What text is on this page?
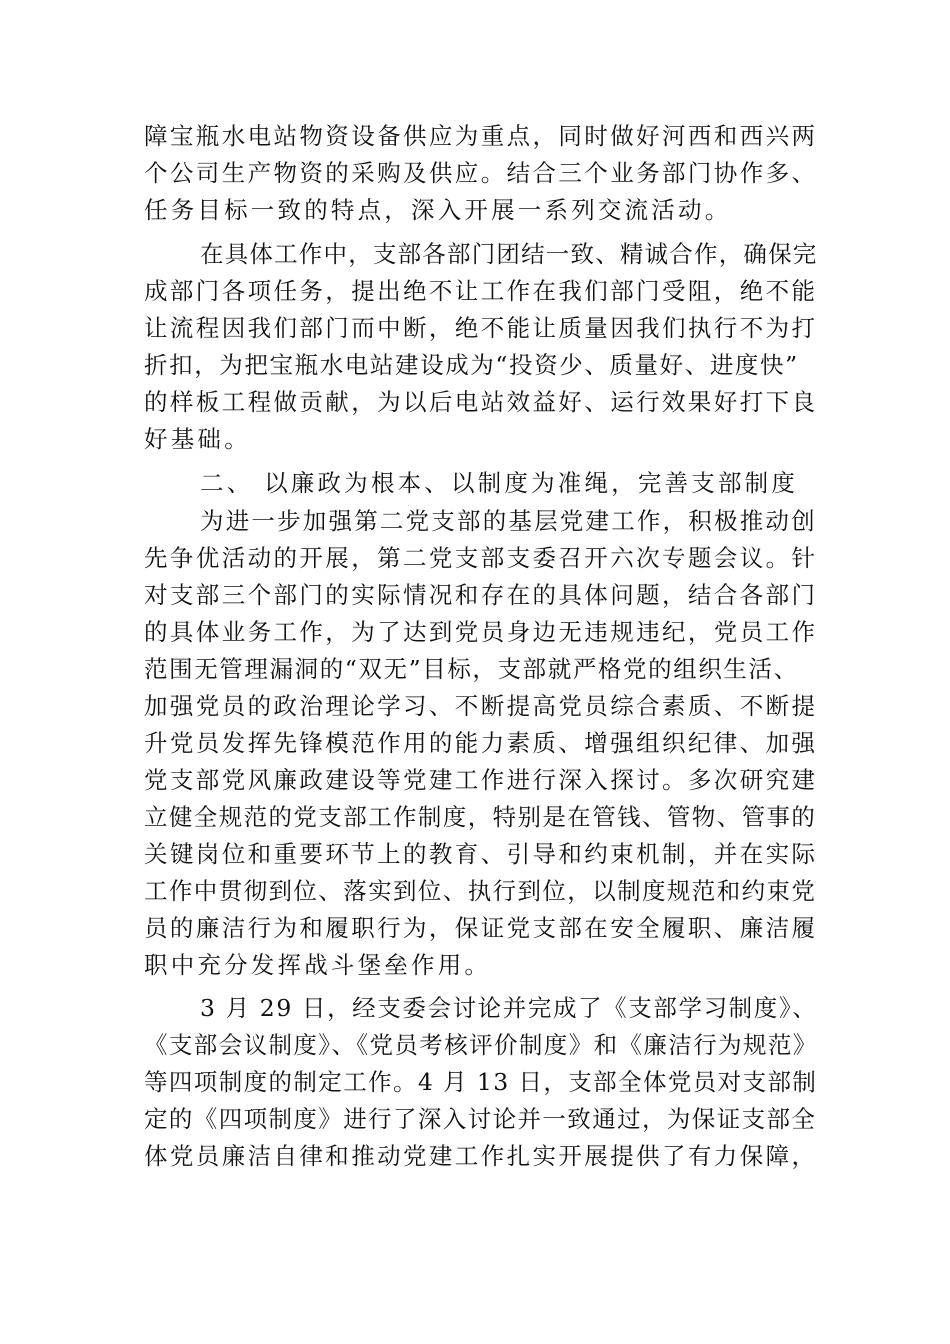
障宝瓶水电站物资设备供应为重点，同时做好河西和西兴两
个公司生产物资的采购及供应。结合三个业务部门协作多、
任务目标一致的特点，深入开展一系列交流活动。
在具体工作中，支部各部门团结一致、精诚合作，确保完
成部门各项任务，提出绝不让工作在我们部门受阻，绝不能
让流程因我们部门而中断，绝不能让质量因我们执行不为打
折扣，为把宝瓶水电站建设成为“投资少、质量好、进度快”
的样板工程做贡献，为以后电站效益好、运行效果好打下良
好基础。
二、 以廉政为根本、以制度为准绳，完善支部制度
为进一步加强第二党支部的基层党建工作，积极推动创
先争优活动的开展，第二党支部支委召开六次专题会议。针
对支部三个部门的实际情况和存在的具体问题，结合各部门
的具体业务工作，为了达到党员身边无违规违纪，党员工作
范围无管理漏洞的“双无”目标，支部就严格党的组织生活、
加强党员的政治理论学习、不断提高党员综合素质、不断提
升党员发挥先锋模范作用的能力素质、增强组织纪律、加强
党支部党风廉政建设等党建工作进行深入探讨。多次研究建
立健全规范的党支部工作制度，特别是在管钱、管物、管事的
关键岗位和重要环节上的教育、引导和约束机制，并在实际
工作中贯彻到位、落实到位、执行到位，以制度规范和约束党
员的廉洁行为和履职行为，保证党支部在安全履职、廉洁履
职中充分发挥战斗堡垒作用。
3 月 29 日，经支委会讨论并完成了《支部学习制度》、
《支部会议制度》、《党员考核评价制度》和《廉洁行为规范》
等四项制度的制定工作。4 月 13 日，支部全体党员对支部制
定的《四项制度》进行了深入讨论并一致通过，为保证支部全
体党员廉洁自律和推动党建工作扎实开展提供了有力保障，
